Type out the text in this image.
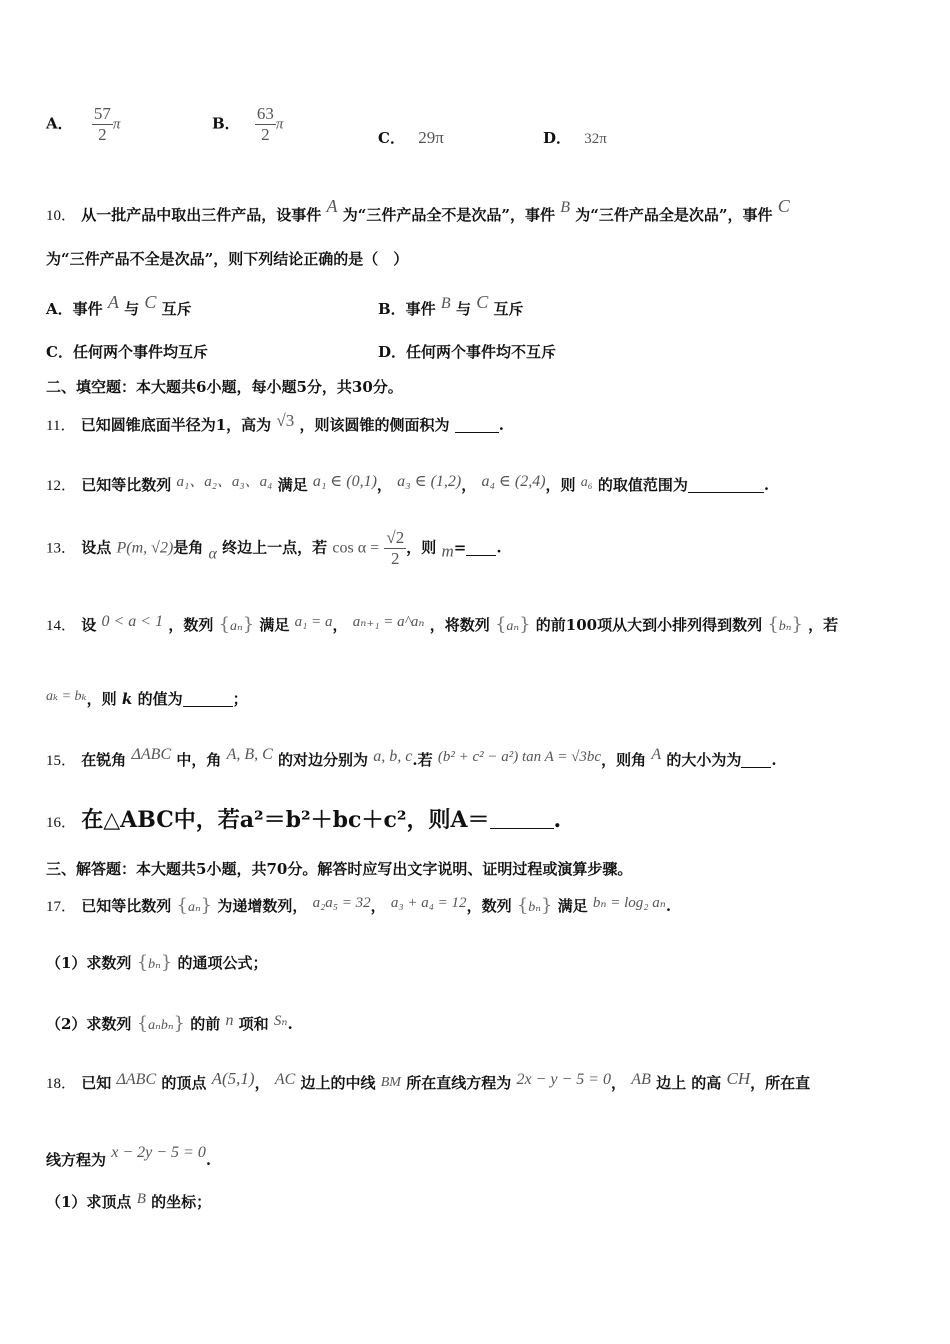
A． $\frac{57}{2}$ π	B． $\frac{63}{2}$ π
C． 29π	D． 32π
10． 从一批产品中取出三件产品，设事件 A 为“三件产品全不是次品”，事件 B 为“三件产品全是次品”，事件 C
为“三件产品不全是次品”，则下列结论正确的是（　）
A．事件 A 与 C 互斥	B．事件 B 与 C 互斥
C．任何两个事件均互斥	D．任何两个事件均不互斥
二、填空题：本大题共6小题，每小题5分，共30分。
11． 已知圆锥底面半径为1，高为 √3 ，则该圆锥的侧面积为	.
12． 已知等比数列 a₁、a₂、a₃、a₄ 满足 a₁ ∈ (0,1)， a₃ ∈ (1,2)， a₄ ∈ (2,4)，则 a₆ 的取值范围为	.
13． 设点 P(m, √2)是角 α 终边上一点，若 $\cos \alpha = \frac{√2}{2}$ ，则 m= .
14． 设 0 < a < 1 ，数列 {aₙ} 满足 a₁ = a， aₙ₊₁ = a^aₙ ，将数列 {aₙ} 的前100项从大到小排列得到数列 {bₙ} ，若
aₖ = bₖ，则 k 的值为	；
15． 在锐角 ΔABC 中，角 A, B, C 的对边分别为 a, b, c.若 (b² + c² − a²) tan A = √3bc，则角 A 的大小为为 .
16． 在△ABC中，若a²＝b²＋bc＋c²，则A＝	.
三、解答题：本大题共5小题，共70分。解答时应写出文字说明、证明过程或演算步骤。
17． 已知等比数列 {aₙ} 为递增数列， a₂a₅ = 32， a₃ + a₄ = 12，数列 {bₙ} 满足 bₙ = log₂ aₙ.
（1）求数列 {bₙ} 的通项公式；
（2）求数列 {aₙbₙ} 的前 n 项和 Sₙ.
18． 已知 ΔABC 的顶点 A(5,1)， AC 边上的中线 BM 所在直线方程为 2x − y − 5 = 0， AB 边上 的高 CH，所在直
线方程为 x − 2y − 5 = 0.
（1）求顶点 B 的坐标；
